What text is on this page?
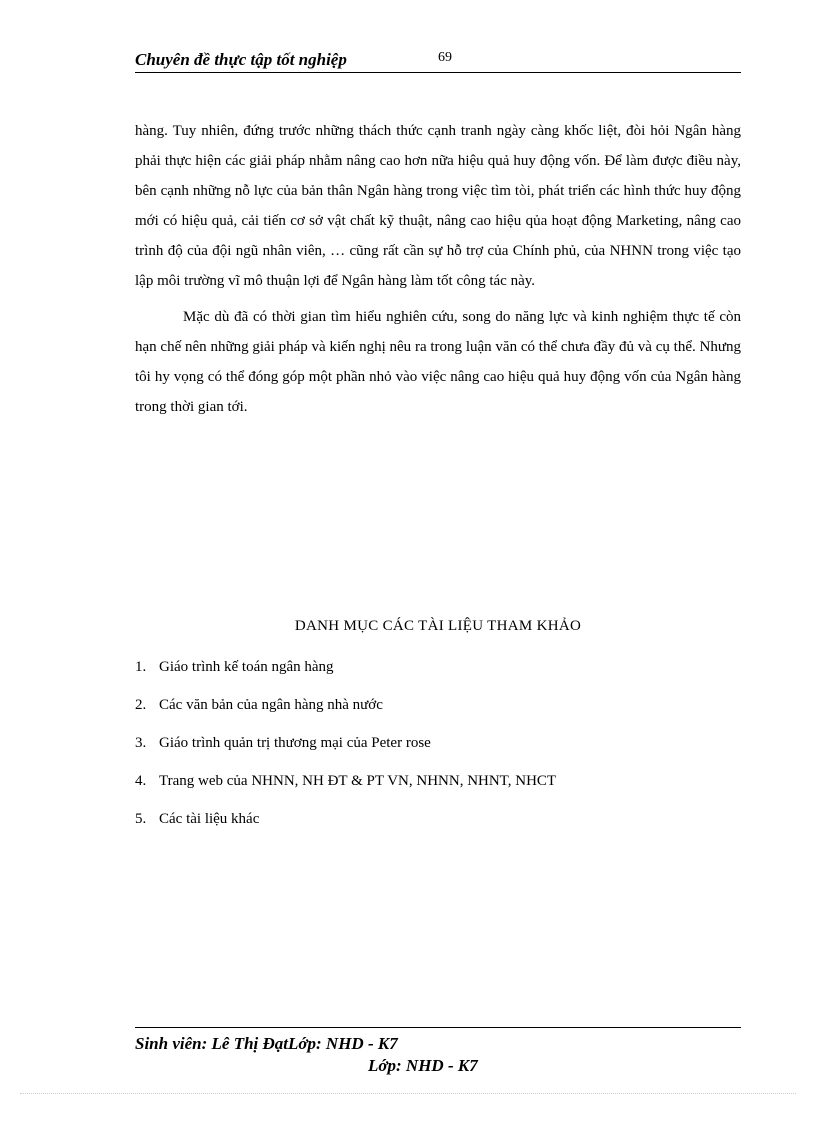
Chuyên đề thực tập tốt nghiệp	69

hàng. Tuy nhiên, đứng trước những thách thức cạnh tranh ngày càng khốc liệt, đòi hỏi Ngân hàng phải thực hiện các giải pháp nhằm nâng cao hơn nữa hiệu quả huy động vốn. Để làm được điều này, bên cạnh những nỗ lực của bản thân Ngân hàng trong việc tìm tòi, phát triển các hình thức huy động mới có hiệu quả, cải tiến cơ sở vật chất kỹ thuật, nâng cao hiệu qủa hoạt động Marketing, nâng cao trình độ của đội ngũ nhân viên, … cũng rất cần sự hỗ trợ của Chính phủ, của NHNN trong việc tạo lập môi trường vĩ mô thuận lợi để Ngân hàng làm tốt công tác này.

Mặc dù đã có thời gian tìm hiểu nghiên cứu, song do năng lực và kinh nghiệm thực tế còn hạn chế nên những giải pháp và kiến nghị nêu ra trong luận văn có thể chưa đầy đủ và cụ thể. Nhưng tôi hy vọng có thể đóng góp một phần nhỏ vào việc nâng cao hiệu quả huy động vốn của Ngân hàng trong thời gian tới.

DANH MỤC CÁC TÀI LIỆU THAM KHẢO
1. Giáo trình kế toán ngân hàng
2. Các văn bản của ngân hàng nhà nước
3. Giáo trình quản trị thương mại của Peter rose
4. Trang web của NHNN, NH ĐT & PT VN, NHNN, NHNT, NHCT
5. Các tài liệu khác
Sinh viên: Lê Thị ĐạtLớp: NHD - K7
Lớp: NHD - K7
